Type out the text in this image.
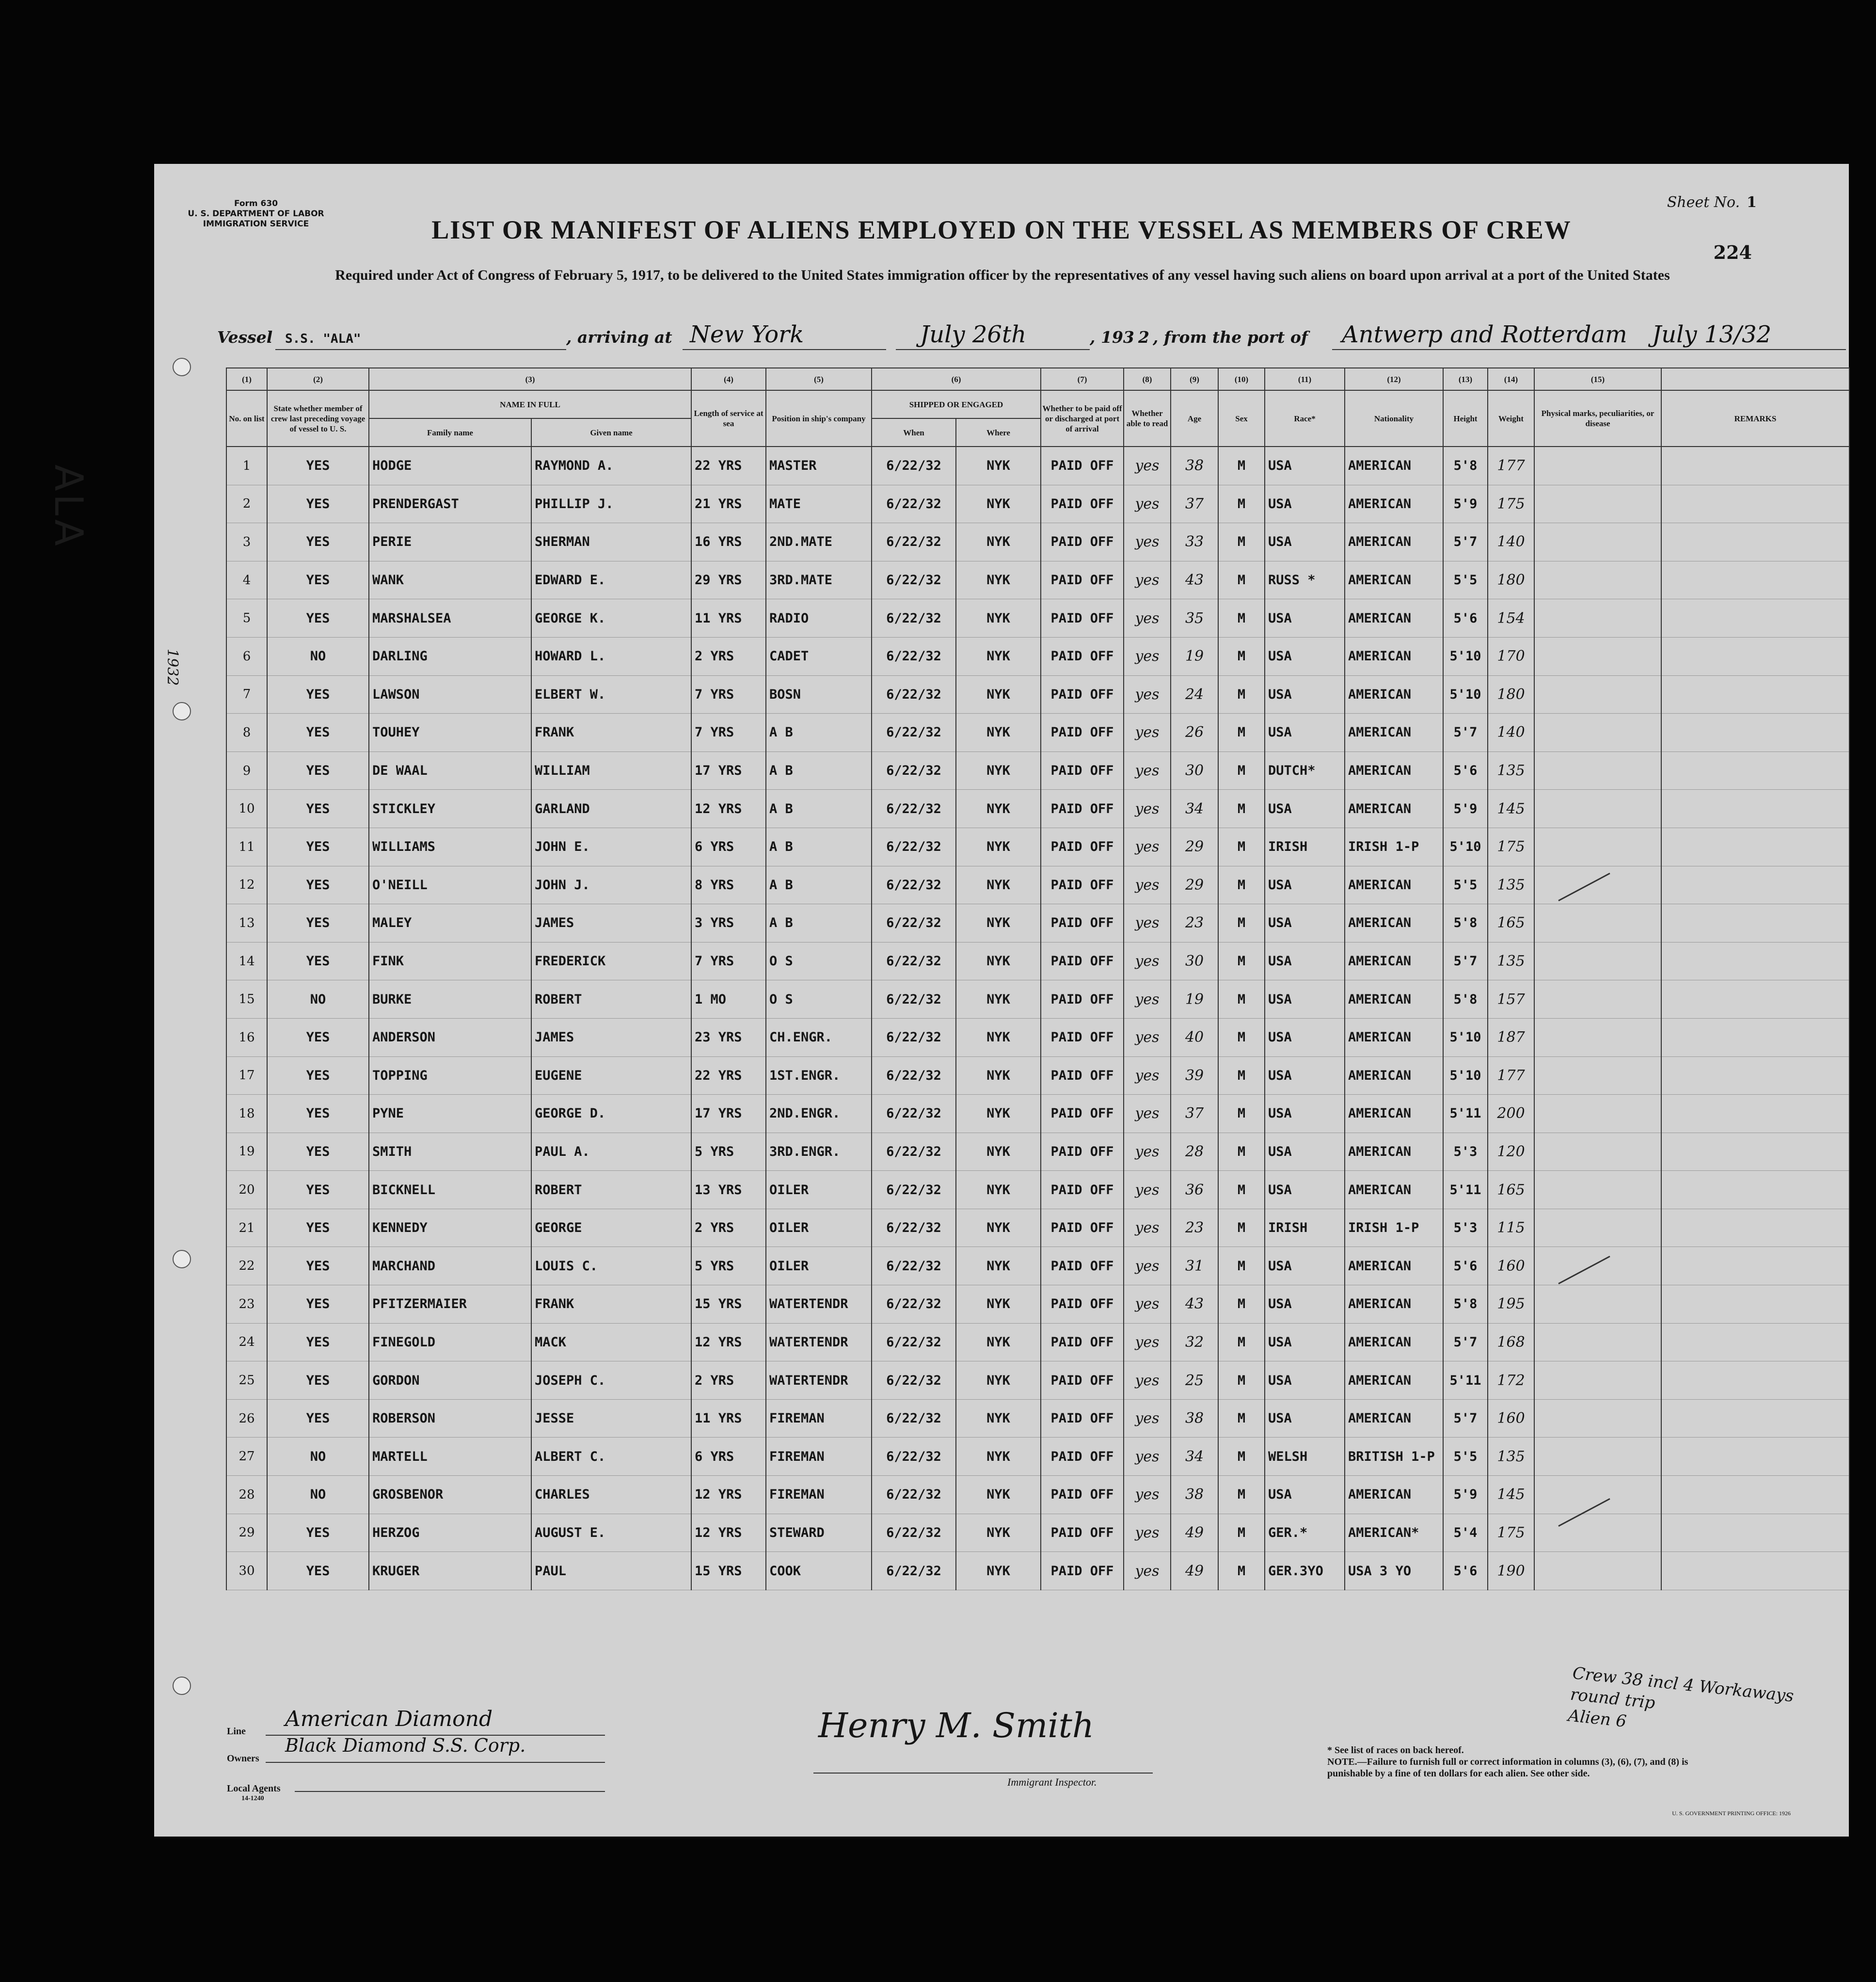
Form 630
U. S. DEPARTMENT OF LABOR
IMMIGRATION SERVICE
Sheet No. 1
224
LIST OR MANIFEST OF ALIENS EMPLOYED ON THE VESSEL AS MEMBERS OF CREW
Required under Act of Congress of February 5, 1917, to be delivered to the United States immigration officer by the representatives of any vessel having such aliens on board upon arrival at a port of the United States
Vessel S.S. "ALA"	, arriving at New York	July 26th	, 193 2 , from the port of Antwerp and Rotterdam July 13/32
(1)	(2)	(3)		(4)	(5)	(6)		(7)	(8)	(9)	(10)	(11)	(12)	(13)	(14)	(15)	
No. on list	State whether member of crew last preceding voyage of vessel to U. S.	NAME IN FULL		Length of service at sea	Position in ship's company	SHIPPED OR ENGAGED		Whether to be paid off or discharged at port of arrival	Whether able to read	Age	Sex	Race*	Nationality	Height	Weight	Physical marks, peculiarities, or disease	REMARKS
		Family name	Given name			When	Where										
1	YES	HODGE	RAYMOND A.	22 YRS	MASTER	6/22/32	NYK	PAID OFF	yes	38	M	USA	AMERICAN	5'8	177		
2	YES	PRENDERGAST	PHILLIP J.	21 YRS	MATE	6/22/32	NYK	PAID OFF	yes	37	M	USA	AMERICAN	5'9	175		
3	YES	PERIE	SHERMAN	16 YRS	2ND.MATE	6/22/32	NYK	PAID OFF	yes	33	M	USA	AMERICAN	5'7	140		
4	YES	WANK	EDWARD E.	29 YRS	3RD.MATE	6/22/32	NYK	PAID OFF	yes	43	M	RUSS *	AMERICAN	5'5	180		
5	YES	MARSHALSEA	GEORGE K.	11 YRS	RADIO	6/22/32	NYK	PAID OFF	yes	35	M	USA	AMERICAN	5'6	154		
6	NO	DARLING	HOWARD L.	2 YRS	CADET	6/22/32	NYK	PAID OFF	yes	19	M	USA	AMERICAN	5'10	170		
7	YES	LAWSON	ELBERT W.	7 YRS	BOSN	6/22/32	NYK	PAID OFF	yes	24	M	USA	AMERICAN	5'10	180		
8	YES	TOUHEY	FRANK	7 YRS	A B	6/22/32	NYK	PAID OFF	yes	26	M	USA	AMERICAN	5'7	140		
9	YES	DE WAAL	WILLIAM	17 YRS	A B	6/22/32	NYK	PAID OFF	yes	30	M	DUTCH*	AMERICAN	5'6	135		
10	YES	STICKLEY	GARLAND	12 YRS	A B	6/22/32	NYK	PAID OFF	yes	34	M	USA	AMERICAN	5'9	145		
11	YES	WILLIAMS	JOHN E.	6 YRS	A B	6/22/32	NYK	PAID OFF	yes	29	M	IRISH	IRISH 1-P	5'10	175		
12	YES	O'NEILL	JOHN J.	8 YRS	A B	6/22/32	NYK	PAID OFF	yes	29	M	USA	AMERICAN	5'5	135		
13	YES	MALEY	JAMES	3 YRS	A B	6/22/32	NYK	PAID OFF	yes	23	M	USA	AMERICAN	5'8	165		
14	YES	FINK	FREDERICK	7 YRS	O S	6/22/32	NYK	PAID OFF	yes	30	M	USA	AMERICAN	5'7	135		
15	NO	BURKE	ROBERT	1 MO	O S	6/22/32	NYK	PAID OFF	yes	19	M	USA	AMERICAN	5'8	157		
16	YES	ANDERSON	JAMES	23 YRS	CH.ENGR.	6/22/32	NYK	PAID OFF	yes	40	M	USA	AMERICAN	5'10	187		
17	YES	TOPPING	EUGENE	22 YRS	1ST.ENGR.	6/22/32	NYK	PAID OFF	yes	39	M	USA	AMERICAN	5'10	177		
18	YES	PYNE	GEORGE D.	17 YRS	2ND.ENGR.	6/22/32	NYK	PAID OFF	yes	37	M	USA	AMERICAN	5'11	200		
19	YES	SMITH	PAUL A.	5 YRS	3RD.ENGR.	6/22/32	NYK	PAID OFF	yes	28	M	USA	AMERICAN	5'3	120		
20	YES	BICKNELL	ROBERT	13 YRS	OILER	6/22/32	NYK	PAID OFF	yes	36	M	USA	AMERICAN	5'11	165		
21	YES	KENNEDY	GEORGE	2 YRS	OILER	6/22/32	NYK	PAID OFF	yes	23	M	IRISH	IRISH 1-P	5'3	115		
22	YES	MARCHAND	LOUIS C.	5 YRS	OILER	6/22/32	NYK	PAID OFF	yes	31	M	USA	AMERICAN	5'6	160		
23	YES	PFITZERMAIER	FRANK	15 YRS	WATERTENDR	6/22/32	NYK	PAID OFF	yes	43	M	USA	AMERICAN	5'8	195		
24	YES	FINEGOLD	MACK	12 YRS	WATERTENDR	6/22/32	NYK	PAID OFF	yes	32	M	USA	AMERICAN	5'7	168		
25	YES	GORDON	JOSEPH C.	2 YRS	WATERTENDR	6/22/32	NYK	PAID OFF	yes	25	M	USA	AMERICAN	5'11	172		
26	YES	ROBERSON	JESSE	11 YRS	FIREMAN	6/22/32	NYK	PAID OFF	yes	38	M	USA	AMERICAN	5'7	160		
27	NO	MARTELL	ALBERT C.	6 YRS	FIREMAN	6/22/32	NYK	PAID OFF	yes	34	M	WELSH	BRITISH 1-P	5'5	135		
28	NO	GROSBENOR	CHARLES	12 YRS	FIREMAN	6/22/32	NYK	PAID OFF	yes	38	M	USA	AMERICAN	5'9	145		
29	YES	HERZOG	AUGUST E.	12 YRS	STEWARD	6/22/32	NYK	PAID OFF	yes	49	M	GER.*	AMERICAN*	5'4	175		
30	YES	KRUGER	PAUL	15 YRS	COOK	6/22/32	NYK	PAID OFF	yes	49	M	GER.3YO	USA 3 YO	5'6	190		
ALA
1932
Line American Diamond
Owners
Black Diamond S.S. Corp.
Local Agents
14-1240
Henry M. Smith
Immigrant Inspector.
* See list of races on back hereof.
NOTE.—Failure to furnish full or correct information in columns (3), (6), (7), and (8) is punishable by a fine of ten dollars for each alien. See other side.
Crew 38 incl 4 Workaways round trip
Alien 6
U. S. GOVERNMENT PRINTING OFFICE: 1926
